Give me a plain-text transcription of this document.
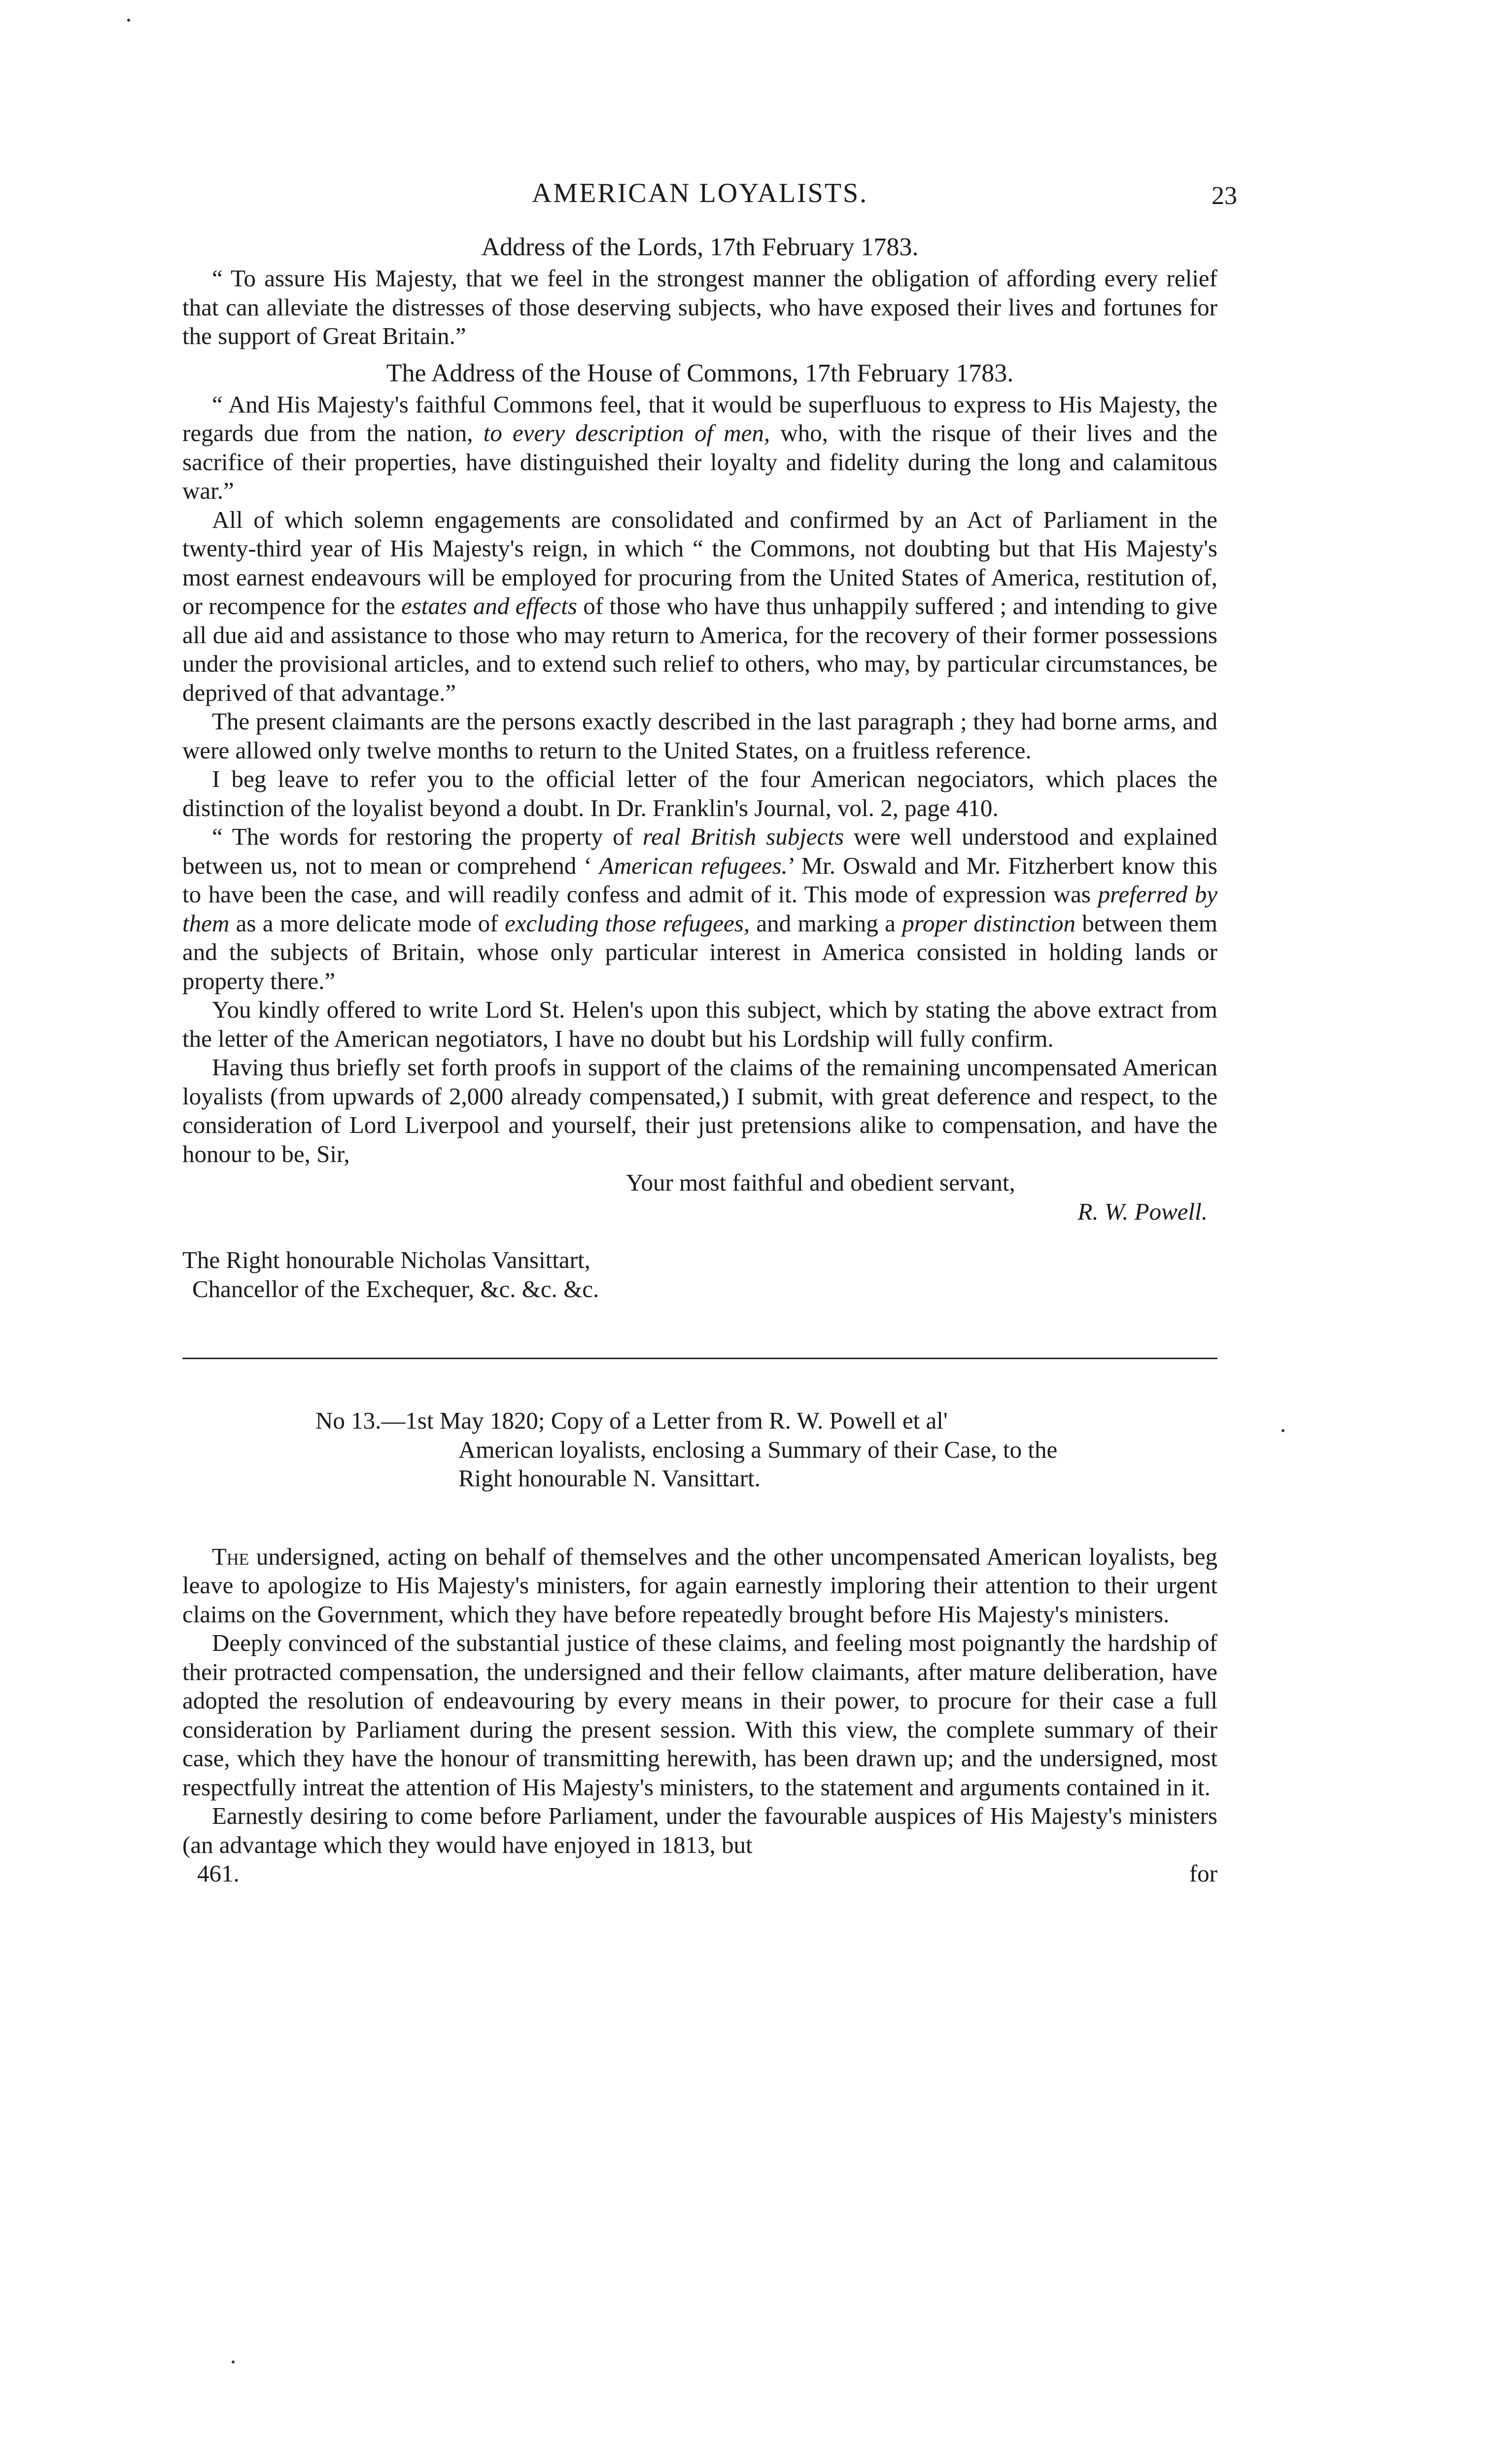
AMERICAN LOYALISTS.	23
Address of the Lords, 17th February 1783.

“ To assure His Majesty, that we feel in the strongest manner the obligation of affording every relief that can alleviate the distresses of those deserving subjects, who have exposed their lives and fortunes for the support of Great Britain.”

The Address of the House of Commons, 17th February 1783.

“ And His Majesty's faithful Commons feel, that it would be superfluous to express to His Majesty, the regards due from the nation, to every description of men, who, with the risque of their lives and the sacrifice of their properties, have distinguished their loyalty and fidelity during the long and calamitous war.”

All of which solemn engagements are consolidated and confirmed by an Act of Parliament in the twenty-third year of His Majesty's reign, in which “ the Commons, not doubting but that His Majesty's most earnest endeavours will be employed for procuring from the United States of America, restitution of, or recompence for the estates and effects of those who have thus unhappily suffered ; and intending to give all due aid and assistance to those who may return to America, for the recovery of their former possessions under the provisional articles, and to extend such relief to others, who may, by particular circumstances, be deprived of that advantage.”

The present claimants are the persons exactly described in the last paragraph ; they had borne arms, and were allowed only twelve months to return to the United States, on a fruitless reference.

I beg leave to refer you to the official letter of the four American negociators, which places the distinction of the loyalist beyond a doubt. In Dr. Franklin's Journal, vol. 2, page 410.

“ The words for restoring the property of real British subjects were well understood and explained between us, not to mean or comprehend ‘ American refugees.’ Mr. Oswald and Mr. Fitzherbert know this to have been the case, and will readily confess and admit of it. This mode of expression was preferred by them as a more delicate mode of excluding those refugees, and marking a proper distinction between them and the subjects of Britain, whose only particular interest in America consisted in holding lands or property there.”

You kindly offered to write Lord St. Helen's upon this subject, which by stating the above extract from the letter of the American negotiators, I have no doubt but his Lordship will fully confirm.

Having thus briefly set forth proofs in support of the claims of the remaining uncompensated American loyalists (from upwards of 2,000 already compensated,) I submit, with great deference and respect, to the consideration of Lord Liverpool and yourself, their just pretensions alike to compensation, and have the honour to be, Sir,

Your most faithful and obedient servant,

R. W. Powell.

The Right honourable Nicholas Vansittart,

Chancellor of the Exchequer, &c. &c. &c.

No 13.—1st May 1820; Copy of a Letter from R. W. Powell et al'

American loyalists, enclosing a Summary of their Case, to the

Right honourable N. Vansittart.

The undersigned, acting on behalf of themselves and the other uncompensated American loyalists, beg leave to apologize to His Majesty's ministers, for again earnestly imploring their attention to their urgent claims on the Government, which they have before repeatedly brought before His Majesty's ministers.

Deeply convinced of the substantial justice of these claims, and feeling most poignantly the hardship of their protracted compensation, the undersigned and their fellow claimants, after mature deliberation, have adopted the resolution of endeavouring by every means in their power, to procure for their case a full consideration by Parliament during the present session. With this view, the complete summary of their case, which they have the honour of transmitting herewith, has been drawn up; and the undersigned, most respectfully intreat the attention of His Majesty's ministers, to the statement and arguments contained in it.

Earnestly desiring to come before Parliament, under the favourable auspices of His Majesty's ministers (an advantage which they would have enjoyed in 1813, but

461.	for
